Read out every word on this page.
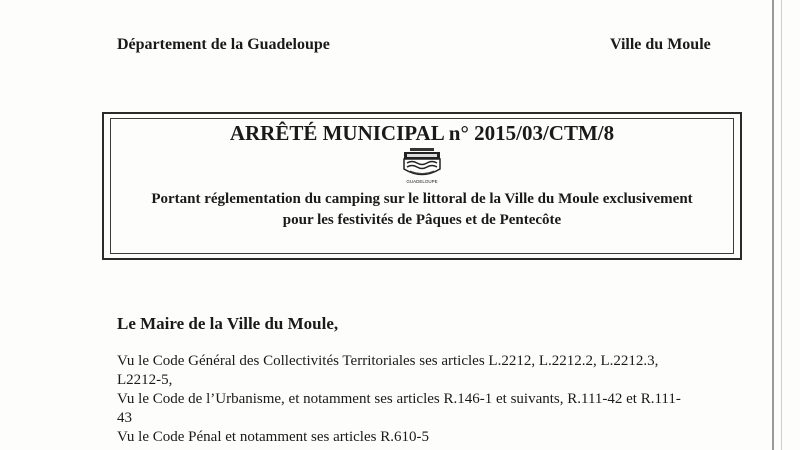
Département de la Guadeloupe	Ville du Moule
ARRÊTÉ MUNICIPAL n° 2015/03/CTM/8
GUADELOUPE
Portant réglementation du camping sur le littoral de la Ville du Moule exclusivement
pour les festivités de Pâques et de Pentecôte
Le Maire de la Ville du Moule,
Vu le Code Général des Collectivités Territoriales ses articles L.2212, L.2212.2, L.2212.3,
L2212-5,
Vu le Code de l’Urbanisme, et notamment ses articles R.146-1 et suivants, R.111-42 et R.111-
43
Vu le Code Pénal et notamment ses articles R.610-5
